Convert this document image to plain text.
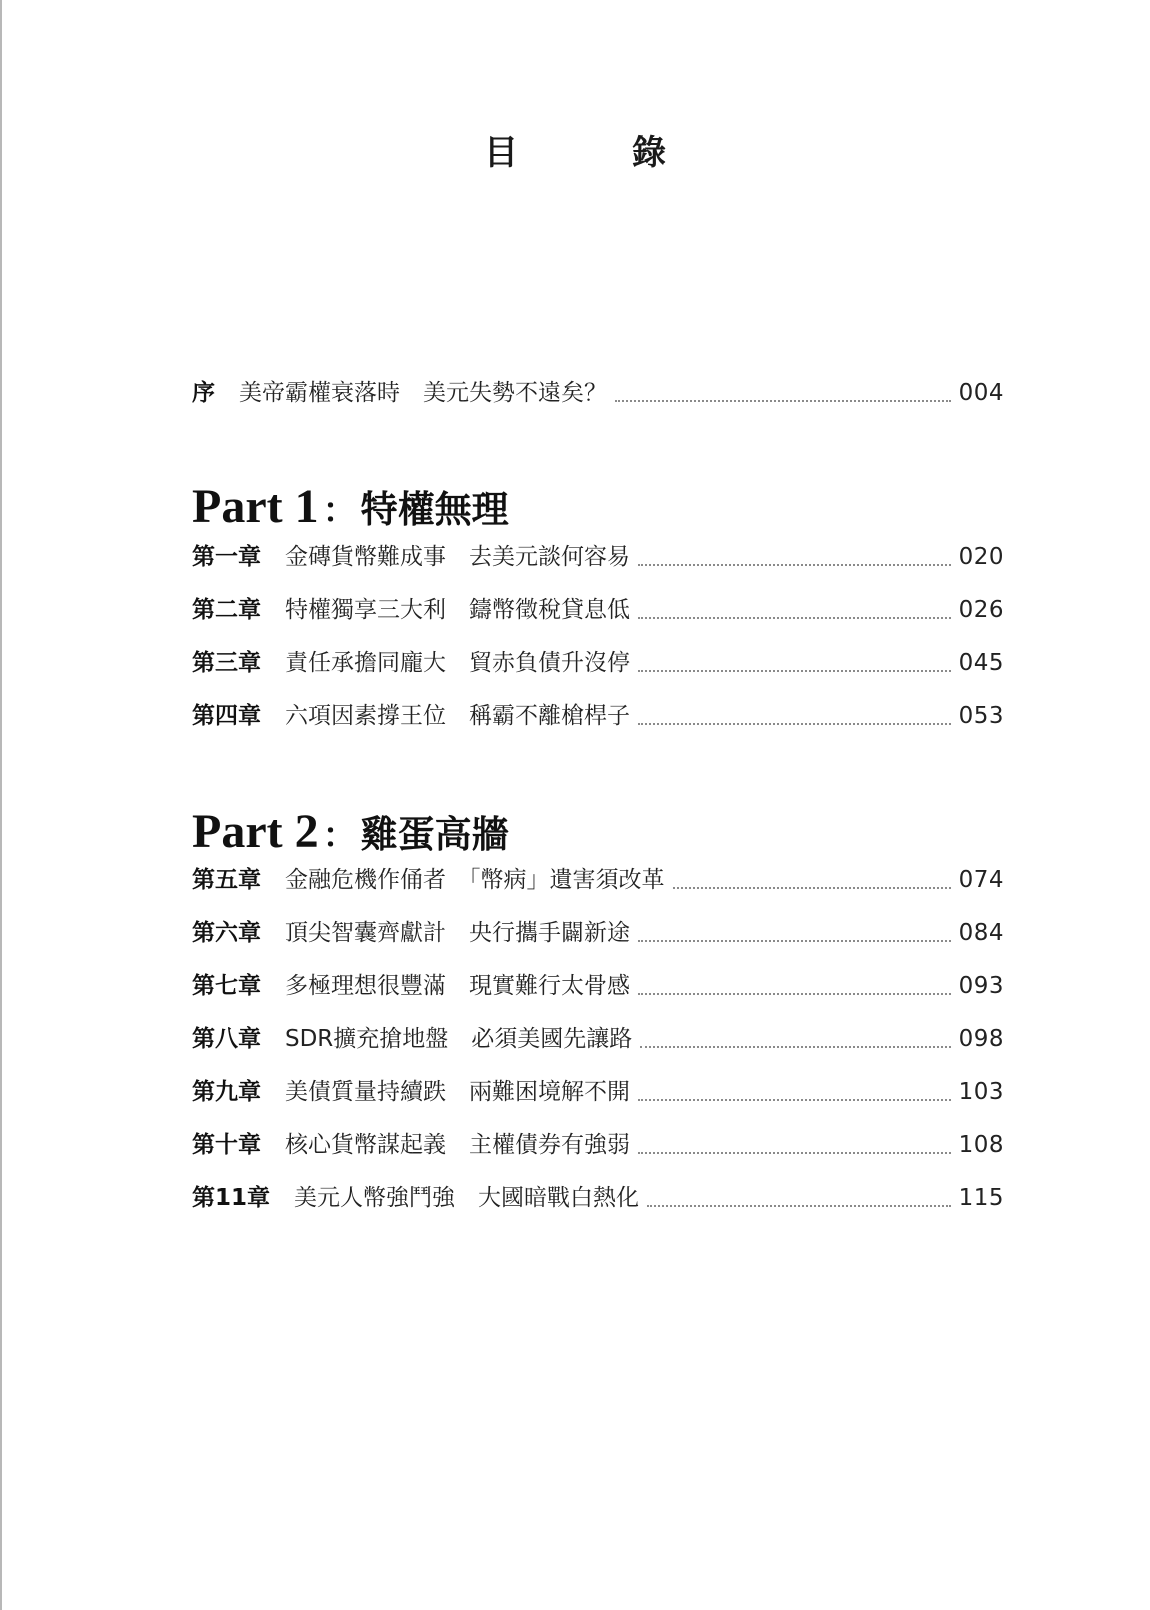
目　錄
序 美帝霸權衰落時　美元失勢不遠矣？	004
Part 1 ： 特權無理
第一章 金磚貨幣難成事　去美元談何容易	020
第二章 特權獨享三大利　鑄幣徵稅貸息低	026
第三章 責任承擔同龐大　貿赤負債升沒停	045
第四章 六項因素撐王位　稱霸不離槍桿子	053
Part 2 ： 雞蛋高牆
第五章 金融危機作俑者　「幣病」遺害須改革	074
第六章 頂尖智囊齊獻計　央行攜手闢新途	084
第七章 多極理想很豐滿　現實難行太骨感	093
第八章 SDR擴充搶地盤　必須美國先讓路	098
第九章 美債質量持續跌　兩難困境解不開	103
第十章 核心貨幣謀起義　主權債券有強弱	108
第11章 美元人幣強鬥強　大國暗戰白熱化	115
